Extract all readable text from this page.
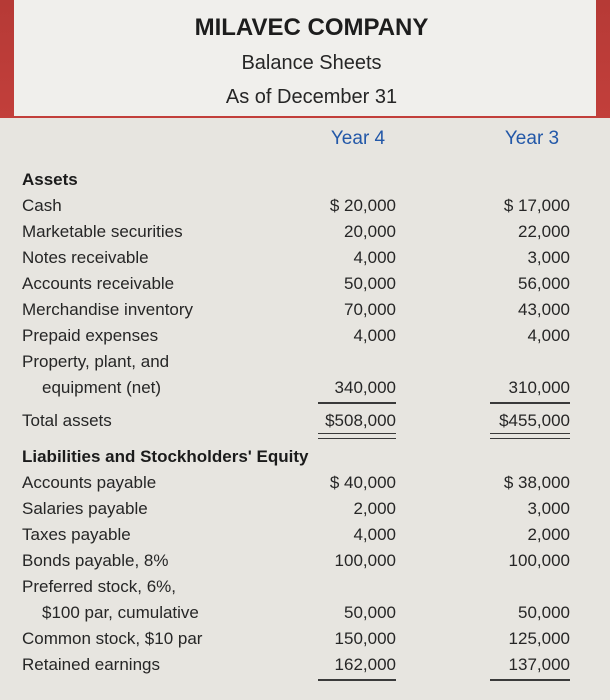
MILAVEC COMPANY
Balance Sheets
As of December 31
Year 4	Year 3
Assets
Cash	$ 20,000	$ 17,000
Marketable securities	20,000	22,000
Notes receivable	4,000	3,000
Accounts receivable	50,000	56,000
Merchandise inventory	70,000	43,000
Prepaid expenses	4,000	4,000
Property, plant, and
equipment (net)	340,000	310,000
Total assets	$508,000	$455,000
Liabilities and Stockholders' Equity
Accounts payable	$ 40,000	$ 38,000
Salaries payable	2,000	3,000
Taxes payable	4,000	2,000
Bonds payable, 8%	100,000	100,000
Preferred stock, 6%,
$100 par, cumulative	50,000	50,000
Common stock, $10 par	150,000	125,000
Retained earnings	162,000	137,000
